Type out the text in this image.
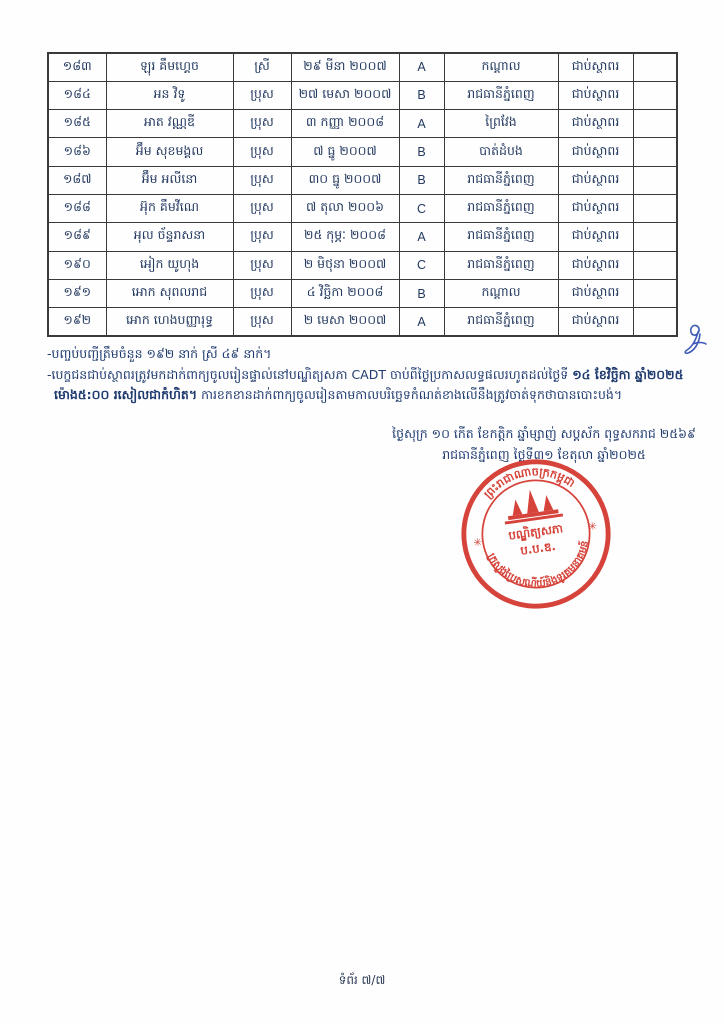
១៨៣	ឡុរ គឹមហ្គេច	ស្រី	២៩ មីនា ២០០៧	A	កណ្តាល	ជាប់ស្ថាពរ	
១៨៤	អន វិទូ	ប្រុស	២៧ មេសា ២០០៧	B	រាជធានីភ្នំពេញ	ជាប់ស្ថាពរ	
១៨៥	អាត វណ្ណឌី	ប្រុស	៣ កញ្ញា ២០០៨	A	ព្រៃវែង	ជាប់ស្ថាពរ	
១៨៦	អ៊ឹម សុខមង្គល	ប្រុស	៧ ធ្នូ ២០០៧	B	បាត់ដំបង	ជាប់ស្ថាពរ	
១៨៧	អ៊ឹម អលីនោ	ប្រុស	៣០ ធ្នូ ២០០៧	B	រាជធានីភ្នំពេញ	ជាប់ស្ថាពរ	
១៨៨	អ៊ុក គឹមវីណេ	ប្រុស	៧ តុលា ២០០៦	C	រាជធានីភ្នំពេញ	ជាប់ស្ថាពរ	
១៨៩	អុល ច័ន្ទរាសនា	ប្រុស	២៥ កុម្ភៈ ២០០៨	A	រាជធានីភ្នំពេញ	ជាប់ស្ថាពរ	
១៩០	អៀក យូហុង	ប្រុស	២ មិថុនា ២០០៧	C	រាជធានីភ្នំពេញ	ជាប់ស្ថាពរ	
១៩១	អោក សុពលរាជ	ប្រុស	៤ វិច្ឆិកា ២០០៨	B	កណ្តាល	ជាប់ស្ថាពរ	
១៩២	អោក ហេងបញ្ញារុទ្ធ	ប្រុស	២ មេសា ២០០៧	A	រាជធានីភ្នំពេញ	ជាប់ស្ថាពរ	
-បញ្ចប់បញ្ជីត្រឹមចំនួន ១៩២ នាក់ ស្រី ៤៩ នាក់។
-បេក្ខជនជាប់ស្ថាពរត្រូវមកដាក់ពាក្យចូលរៀនផ្ទាល់នៅបណ្ឌិត្យសភា CADT ចាប់ពីថ្ងៃប្រកាសលទ្ធផលរហូតដល់ថ្ងៃទី ១៤ ខែវិច្ឆិកា ឆ្នាំ២០២៥
ម៉ោង៥:០០ រសៀលជាកំហិត។ ការខកខានដាក់ពាក្យចូលរៀនតាមកាលបរិច្ឆេទកំណត់ខាងលើនឹងត្រូវចាត់ទុកថាបានបោះបង់។
ថ្ងៃសុក្រ ១០ កើត ខែកត្តិក ឆ្នាំម្សាញ់ សប្តស័ក ពុទ្ធសករាជ ២៥៦៩
រាជធានីភ្នំពេញ ថ្ងៃទី៣១ ខែតុលា ឆ្នាំ២០២៥
ព្រះរាជាណាចក្រកម្ពុជា
ក្រសួងប្រៃសណីយ៍និងទូរគមនាគមន៍
✳
✳
បណ្ឌិត្យសភា
ប.ប.ឌ.
ទំព័រ ៧/៧
